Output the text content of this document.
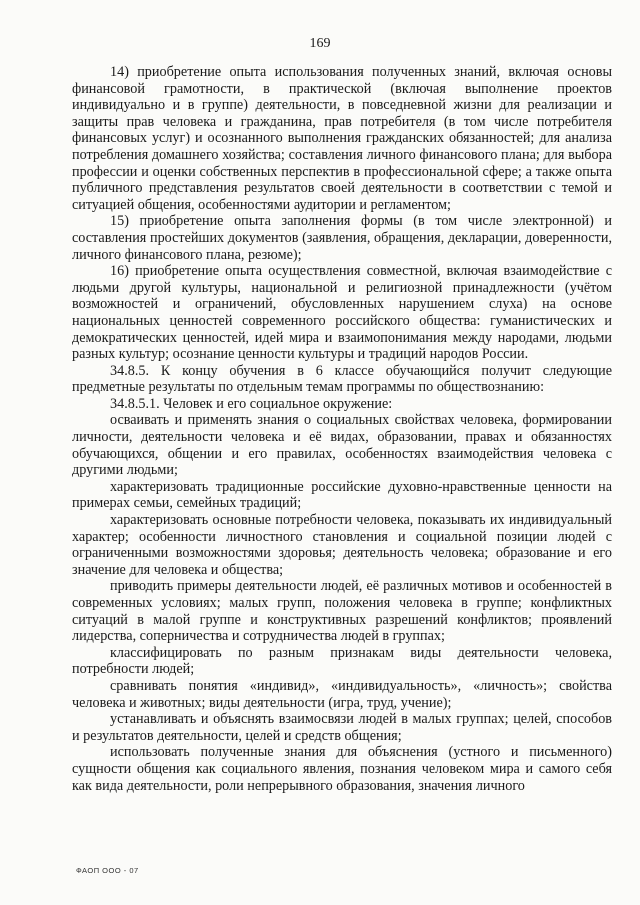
169

14) приобретение опыта использования полученных знаний, включая основы финансовой грамотности, в практической (включая выполнение проектов индивидуально и в группе) деятельности, в повседневной жизни для реализации и защиты прав человека и гражданина, прав потребителя (в том числе потребителя финансовых услуг) и осознанного выполнения гражданских обязанностей; для анализа потребления домашнего хозяйства; составления личного финансового плана; для выбора профессии и оценки собственных перспектив в профессиональной сфере; а также опыта публичного представления результатов своей деятельности в соответствии с темой и ситуацией общения, особенностями аудитории и регламентом;

15) приобретение опыта заполнения формы (в том числе электронной) и составления простейших документов (заявления, обращения, декларации, доверенности, личного финансового плана, резюме);

16) приобретение опыта осуществления совместной, включая взаимодействие с людьми другой культуры, национальной и религиозной принадлежности (учётом возможностей и ограничений, обусловленных нарушением слуха) на основе национальных ценностей современного российского общества: гуманистических и демократических ценностей, идей мира и взаимопонимания между народами, людьми разных культур; осознание ценности культуры и традиций народов России.

34.8.5. К концу обучения в 6 классе обучающийся получит следующие предметные результаты по отдельным темам программы по обществознанию:

34.8.5.1. Человек и его социальное окружение:

осваивать и применять знания о социальных свойствах человека, формировании личности, деятельности человека и её видах, образовании, правах и обязанностях обучающихся, общении и его правилах, особенностях взаимодействия человека с другими людьми;

характеризовать традиционные российские духовно-нравственные ценности на примерах семьи, семейных традиций;

характеризовать основные потребности человека, показывать их индивидуальный характер; особенности личностного становления и социальной позиции людей с ограниченными возможностями здоровья; деятельность человека; образование и его значение для человека и общества;

приводить примеры деятельности людей, её различных мотивов и особенностей в современных условиях; малых групп, положения человека в группе; конфликтных ситуаций в малой группе и конструктивных разрешений конфликтов; проявлений лидерства, соперничества и сотрудничества людей в группах;

классифицировать по разным признакам виды деятельности человека, потребности людей;

сравнивать понятия «индивид», «индивидуальность», «личность»; свойства человека и животных; виды деятельности (игра, труд, учение);

устанавливать и объяснять взаимосвязи людей в малых группах; целей, способов и результатов деятельности, целей и средств общения;

использовать полученные знания для объяснения (устного и письменного) сущности общения как социального явления, познания человеком мира и самого себя как вида деятельности, роли непрерывного образования, значения личного

ФАОП ООО - 07
